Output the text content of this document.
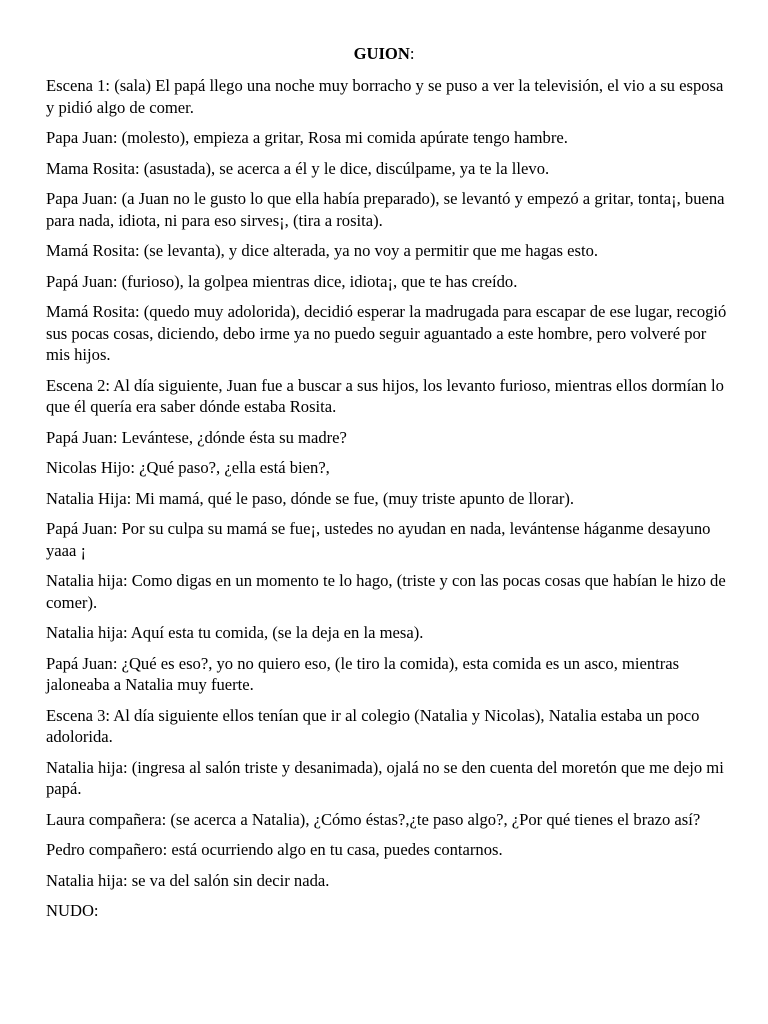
GUION:

Escena 1: (sala) El papá llego una noche muy borracho y se puso a ver la televisión, el vio a su esposa y pidió algo de comer.

Papa Juan: (molesto), empieza a gritar, Rosa mi comida apúrate tengo hambre.

Mama Rosita: (asustada), se acerca a él y le dice, discúlpame, ya te la llevo.

Papa Juan: (a Juan no le gusto lo que ella había preparado), se levantó y empezó a gritar, tonta¡, buena para nada, idiota, ni para eso sirves¡, (tira a rosita).

Mamá Rosita: (se levanta), y dice alterada, ya no voy a permitir que me hagas esto.

Papá Juan: (furioso), la golpea mientras dice, idiota¡, que te has creído.

Mamá Rosita: (quedo muy adolorida), decidió esperar la madrugada para escapar de ese lugar, recogió sus pocas cosas, diciendo, debo irme ya no puedo seguir aguantado a este hombre, pero volveré por mis hijos.

Escena 2: Al día siguiente, Juan fue a buscar a sus hijos, los levanto furioso, mientras ellos dormían lo que él quería era saber dónde estaba Rosita.

Papá Juan: Levántese, ¿dónde ésta su madre?

Nicolas Hijo: ¿Qué paso?, ¿ella está bien?,

Natalia Hija: Mi mamá, qué le paso, dónde se fue, (muy triste apunto de llorar).

Papá Juan: Por su culpa su mamá se fue¡, ustedes no ayudan en nada, levántense háganme desayuno yaaa ¡

Natalia hija: Como digas en un momento te lo hago, (triste y con las pocas cosas que habían le hizo de comer).

Natalia hija: Aquí esta tu comida, (se la deja en la mesa).

Papá Juan: ¿Qué es eso?, yo no quiero eso, (le tiro la comida), esta comida es un asco, mientras jaloneaba a Natalia muy fuerte.

Escena 3: Al día siguiente ellos tenían que ir al colegio (Natalia y Nicolas), Natalia estaba un poco adolorida.

Natalia hija: (ingresa al salón triste y desanimada), ojalá no se den cuenta del moretón que me dejo mi papá.

Laura compañera: (se acerca a Natalia), ¿Cómo éstas?,¿te paso algo?, ¿Por qué tienes el brazo así?

Pedro compañero: está ocurriendo algo en tu casa, puedes contarnos.

Natalia hija: se va del salón sin decir nada.

NUDO:
